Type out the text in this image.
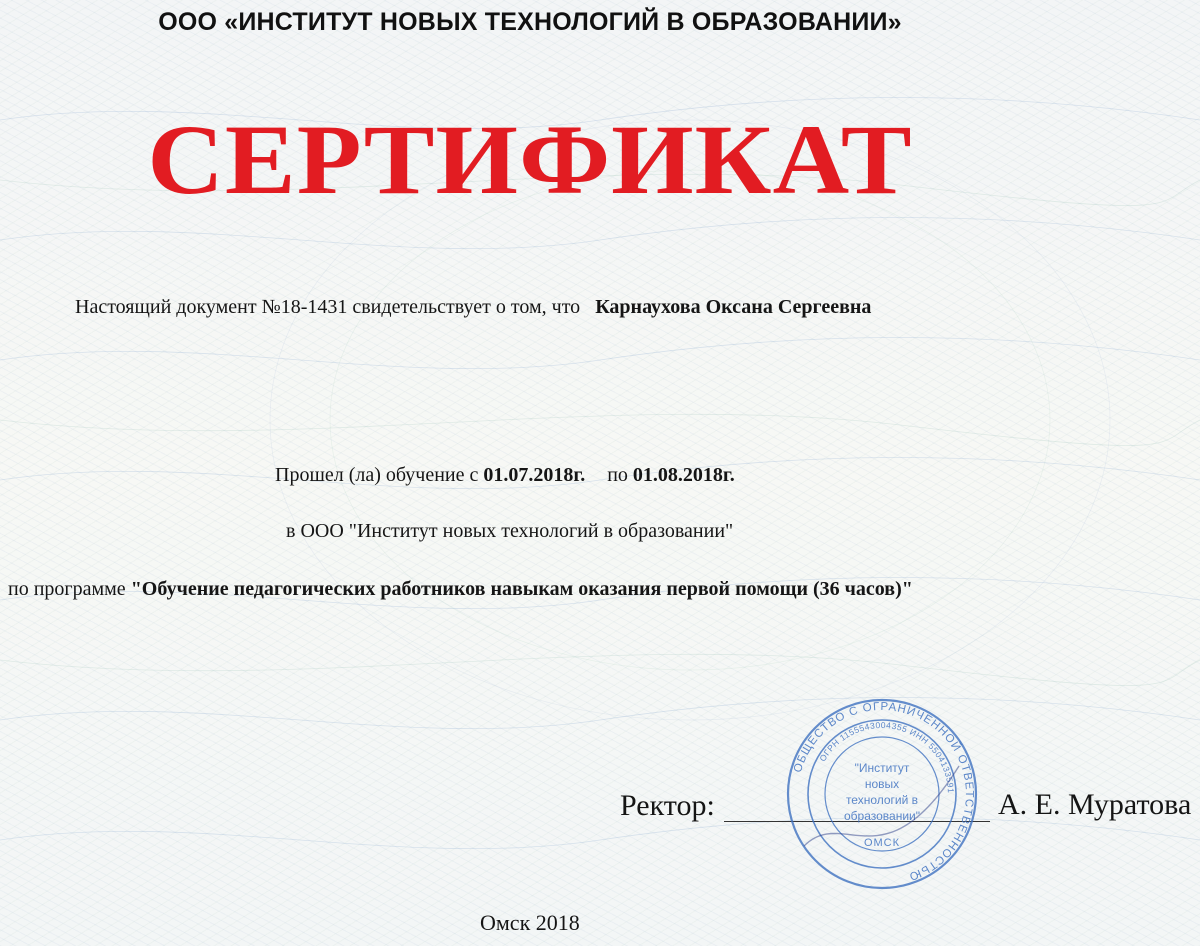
ООО «ИНСТИТУТ НОВЫХ ТЕХНОЛОГИЙ В ОБРАЗОВАНИИ»
СЕРТИФИКАТ
Настоящий документ №18-1431 свидетельствует о том, что Карнаухова Оксана Сергеевна
Прошел (ла) обучение с 01.07.2018г. по 01.08.2018г.
в ООО "Институт новых технологий в образовании"
по программе "Обучение педагогических работников навыкам оказания первой помощи (36 часов)"
Ректор:	А. Е. Муратова
ОБЩЕСТВО С ОГРАНИЧЕННОЙ ОТВЕТСТВЕННОСТЬЮ
ОГРН 1155543004355 ИНН 5504133591
"Институт
новых
технологий в
образовании"
ОМСК
Омск 2018
